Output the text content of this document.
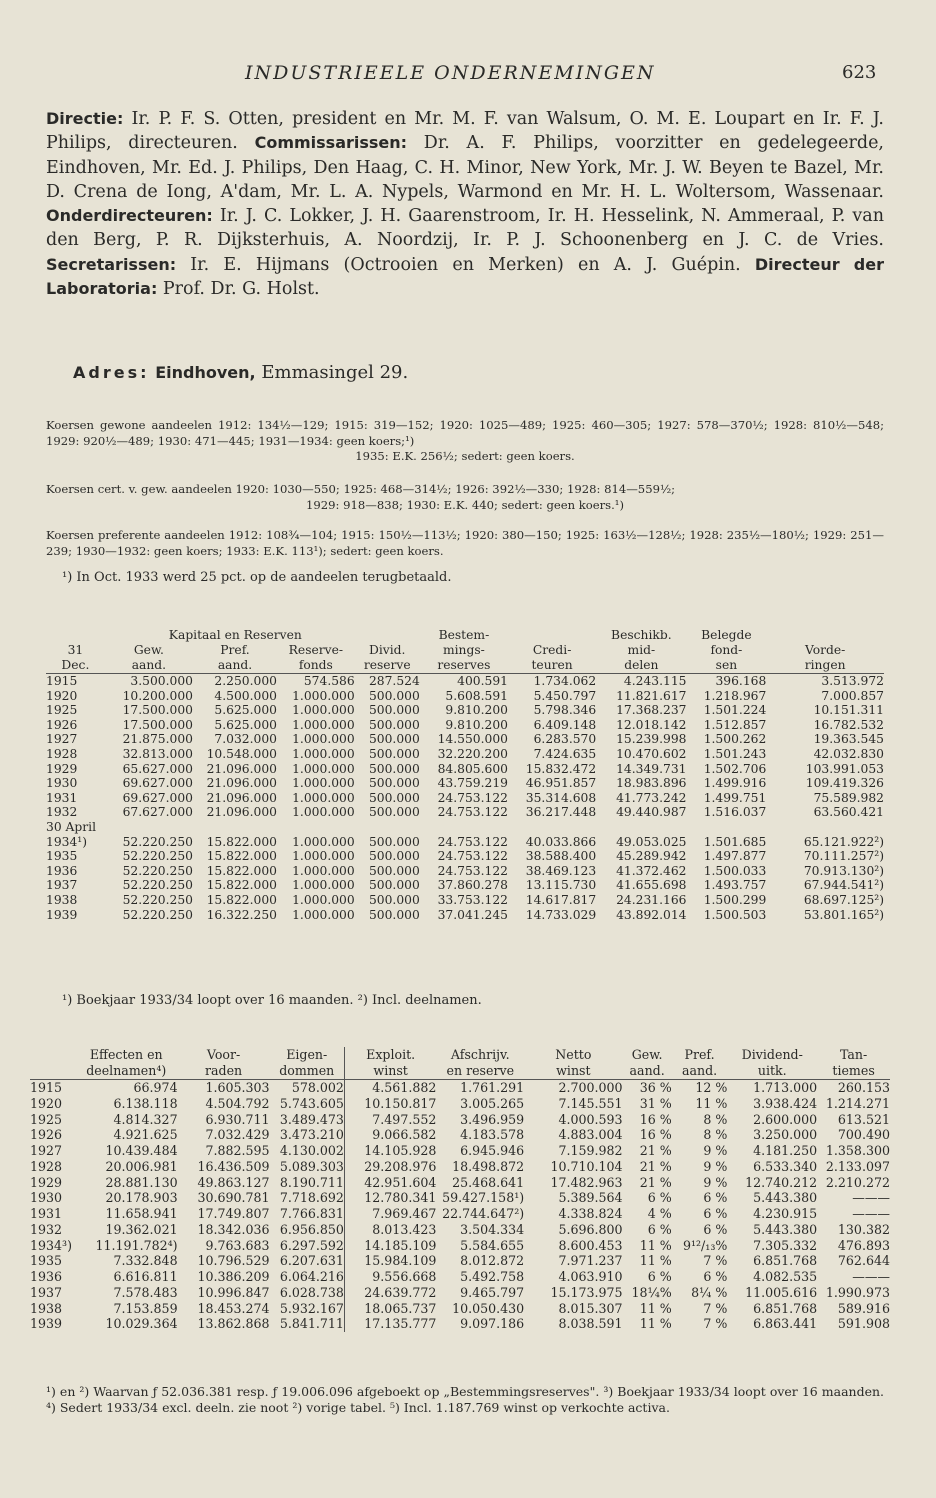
INDUSTRIEELE ONDERNEMINGEN	623
Directie: Ir. P. F. S. Otten, president en Mr. M. F. van Walsum, O. M. E. Loupart en Ir. F. J. Philips, directeuren. Commissarissen: Dr. A. F. Philips, voorzitter en gedelegeerde, Eindhoven, Mr. Ed. J. Philips, Den Haag, C. H. Minor, New York, Mr. J. W. Beyen te Bazel, Mr. D. Crena de Iong, A'dam, Mr. L. A. Nypels, Warmond en Mr. H. L. Woltersom, Wassenaar. Onderdirecteuren: Ir. J. C. Lokker, J. H. Gaarenstroom, Ir. H. Hesselink, N. Ammeraal, P. van den Berg, P. R. Dijksterhuis, A. Noordzij, Ir. P. J. Schoonenberg en J. C. de Vries. Secretarissen: Ir. E. Hijmans (Octrooien en Merken) en A. J. Guépin. Directeur der Laboratoria: Prof. Dr. G. Holst.
Adres: Eindhoven, Emmasingel 29.
Koersen gewone aandeelen 1912: 134½—129; 1915: 319—152; 1920: 1025—489; 1925: 460—305; 1927: 578—370½; 1928: 810½—548; 1929: 920½—489; 1930: 471—445; 1931—1934: geen koers;¹)
1935: E.K. 256½; sedert: geen koers.
Koersen cert. v. gew. aandeelen 1920: 1030—550; 1925: 468—314½; 1926: 392½—330; 1928: 814—559½;
1929: 918—838; 1930: E.K. 440; sedert: geen koers.¹)
Koersen preferente aandeelen 1912: 108¾—104; 1915: 150½—113½; 1920: 380—150; 1925: 163½—128½; 1928: 235½—180½; 1929: 251—239; 1930—1932: geen koers; 1933: E.K. 113¹); sedert: geen koers.
¹) In Oct. 1933 werd 25 pct. op de aandeelen terugbetaald.
	Kapitaal en Reserven				Bestem-		Beschikb.	Belegde	
31	Gew.	Pref.	Reserve-	Divid.	mings-	Credi-	mid-	fond-	Vorde-
Dec.	aand.	aand.	fonds	reserve	reserves	teuren	delen	sen	ringen
1915	3.500.000	2.250.000	574.586	287.524	400.591	1.734.062	4.243.115	396.168	3.513.972
1920	10.200.000	4.500.000	1.000.000	500.000	5.608.591	5.450.797	11.821.617	1.218.967	7.000.857
1925	17.500.000	5.625.000	1.000.000	500.000	9.810.200	5.798.346	17.368.237	1.501.224	10.151.311
1926	17.500.000	5.625.000	1.000.000	500.000	9.810.200	6.409.148	12.018.142	1.512.857	16.782.532
1927	21.875.000	7.032.000	1.000.000	500.000	14.550.000	6.283.570	15.239.998	1.500.262	19.363.545
1928	32.813.000	10.548.000	1.000.000	500.000	32.220.200	7.424.635	10.470.602	1.501.243	42.032.830
1929	65.627.000	21.096.000	1.000.000	500.000	84.805.600	15.832.472	14.349.731	1.502.706	103.991.053
1930	69.627.000	21.096.000	1.000.000	500.000	43.759.219	46.951.857	18.983.896	1.499.916	109.419.326
1931	69.627.000	21.096.000	1.000.000	500.000	24.753.122	35.314.608	41.773.242	1.499.751	75.589.982
1932	67.627.000	21.096.000	1.000.000	500.000	24.753.122	36.217.448	49.440.987	1.516.037	63.560.421
30 April									
1934¹)	52.220.250	15.822.000	1.000.000	500.000	24.753.122	40.033.866	49.053.025	1.501.685	65.121.922²)
1935	52.220.250	15.822.000	1.000.000	500.000	24.753.122	38.588.400	45.289.942	1.497.877	70.111.257²)
1936	52.220.250	15.822.000	1.000.000	500.000	24.753.122	38.469.123	41.372.462	1.500.033	70.913.130²)
1937	52.220.250	15.822.000	1.000.000	500.000	37.860.278	13.115.730	41.655.698	1.493.757	67.944.541²)
1938	52.220.250	15.822.000	1.000.000	500.000	33.753.122	14.617.817	24.231.166	1.500.299	68.697.125²)
1939	52.220.250	16.322.250	1.000.000	500.000	37.041.245	14.733.029	43.892.014	1.500.503	53.801.165²)
¹) Boekjaar 1933/34 loopt over 16 maanden. ²) Incl. deelnamen.
	Effecten en	Voor-	Eigen-	Exploit.	Afschrijv.	Netto	Gew.	Pref.	Dividend-	Tan-
	deelnamen⁴)	raden	dommen	winst	en reserve	winst	aand.	aand.	uitk.	tiemes
1915	66.974	1.605.303	578.002	4.561.882	1.761.291	2.700.000	36 %	12 %	1.713.000	260.153
1920	6.138.118	4.504.792	5.743.605	10.150.817	3.005.265	7.145.551	31 %	11 %	3.938.424	1.214.271
1925	4.814.327	6.930.711	3.489.473	7.497.552	3.496.959	4.000.593	16 %	8 %	2.600.000	613.521
1926	4.921.625	7.032.429	3.473.210	9.066.582	4.183.578	4.883.004	16 %	8 %	3.250.000	700.490
1927	10.439.484	7.882.595	4.130.002	14.105.928	6.945.946	7.159.982	21 %	9 %	4.181.250	1.358.300
1928	20.006.981	16.436.509	5.089.303	29.208.976	18.498.872	10.710.104	21 %	9 %	6.533.340	2.133.097
1929	28.881.130	49.863.127	8.190.711	42.951.604	25.468.641	17.482.963	21 %	9 %	12.740.212	2.210.272
1930	20.178.903	30.690.781	7.718.692	12.780.341	59.427.158¹)	5.389.564	6 %	6 %	5.443.380	———
1931	11.658.941	17.749.807	7.766.831	7.969.467	22.744.647²)	4.338.824	4 %	6 %	4.230.915	———
1932	19.362.021	18.342.036	6.956.850	8.013.423	3.504.334	5.696.800	6 %	6 %	5.443.380	130.382
1934³)	11.191.782⁴)	9.763.683	6.297.592	14.185.109	5.584.655	8.600.453	11 %	9¹²/₁₃%	7.305.332	476.893
1935	7.332.848	10.796.529	6.207.631	15.984.109	8.012.872	7.971.237	11 %	7 %	6.851.768	762.644
1936	6.616.811	10.386.209	6.064.216	9.556.668	5.492.758	4.063.910	6 %	6 %	4.082.535	———
1937	7.578.483	10.996.847	6.028.738	24.639.772	9.465.797	15.173.975	18¼%	8¼ %	11.005.616	1.990.973
1938	7.153.859	18.453.274	5.932.167	18.065.737	10.050.430	8.015.307	11 %	7 %	6.851.768	589.916
1939	10.029.364	13.862.868	5.841.711	17.135.777	9.097.186	8.038.591	11 %	7 %	6.863.441	591.908
¹) en ²) Waarvan ƒ 52.036.381 resp. ƒ 19.006.096 afgeboekt op „Bestemmingsreserves". ³) Boekjaar 1933/34 loopt over 16 maanden. ⁴) Sedert 1933/34 excl. deeln. zie noot ²) vorige tabel. ⁵) Incl. 1.187.769 winst op verkochte activa.
